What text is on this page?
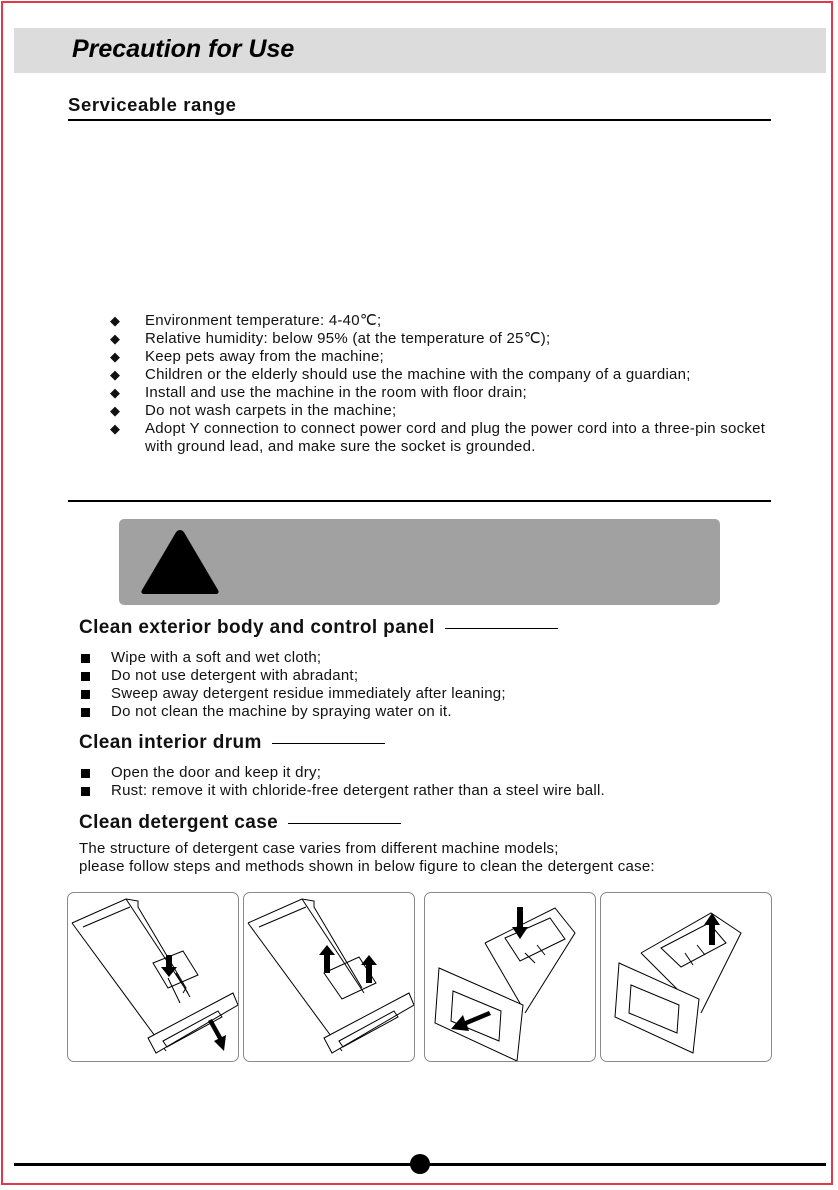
Precaution for Use
Serviceable range
◆ Environment temperature: 4-40℃;
◆ Relative humidity: below 95% (at the temperature of 25℃);
◆ Keep pets away from the machine;
◆ Children or the elderly should use the machine with the company of a guardian;
◆ Install and use the machine in the room with floor drain;
◆ Do not wash carpets in the machine;
◆ Adopt Y connection to connect power cord and plug the power cord into a three-pin socket with ground lead, and make sure the socket is grounded.
Clean exterior body and control panel
Wipe with a soft and wet cloth;
Do not use detergent with abradant;
Sweep away detergent residue immediately after leaning;
Do not clean the machine by spraying water on it.
Clean interior drum
Open the door and keep it dry;
Rust: remove it with chloride-free detergent rather than a steel wire ball.
Clean detergent case
The structure of detergent case varies from different machine models;
please follow steps and methods shown in below figure to clean the detergent case:
